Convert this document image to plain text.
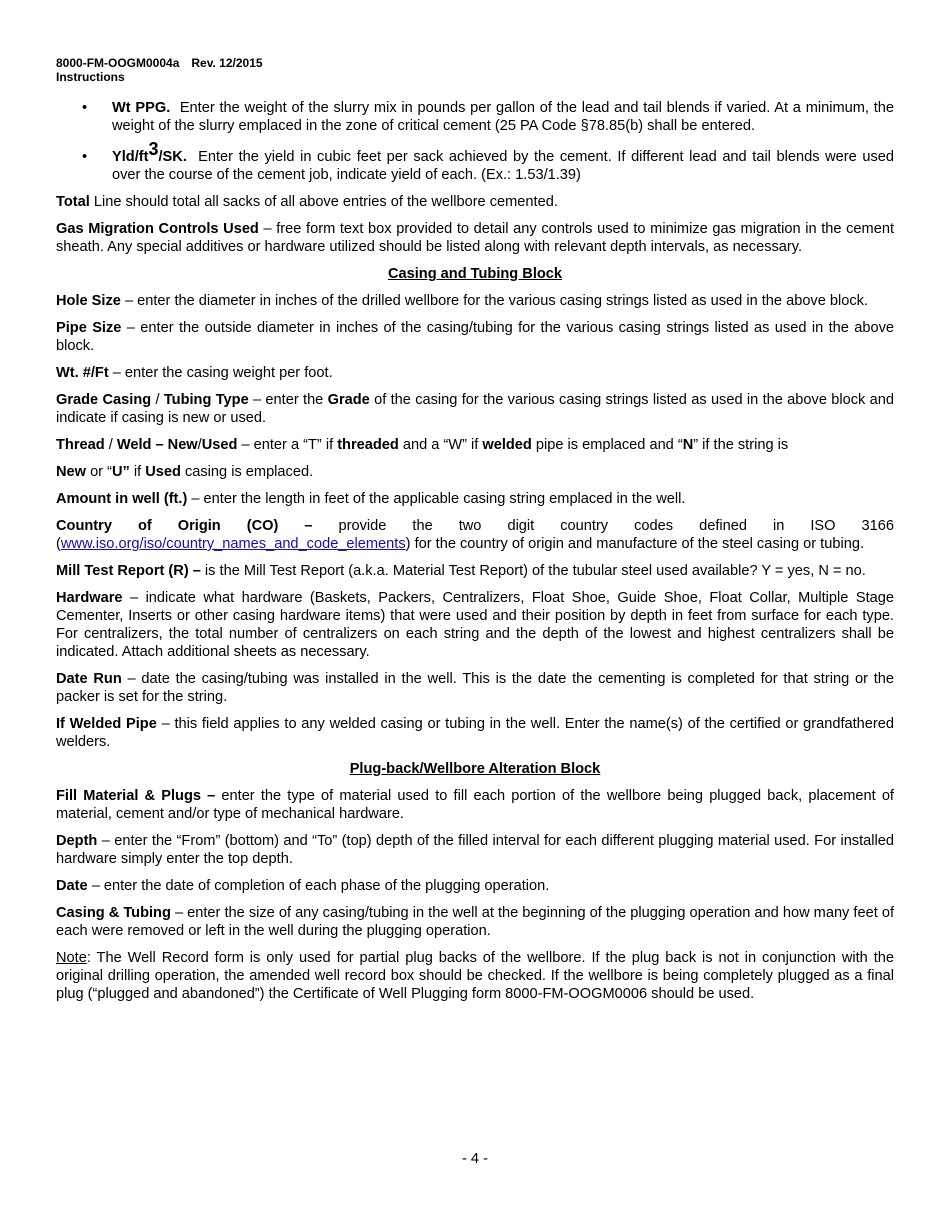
8000-FM-OOGM0004a Rev. 12/2015
Instructions
• Wt PPG. Enter the weight of the slurry mix in pounds per gallon of the lead and tail blends if varied. At a minimum, the weight of the slurry emplaced in the zone of critical cement (25 PA Code §78.85(b) shall be entered.
• Yld/$ft^3/SK$. Enter the yield in cubic feet per sack achieved by the cement. If different lead and tail blends were used over the course of the cement job, indicate yield of each. (Ex.: 1.53/1.39)

Total Line should total all sacks of all above entries of the wellbore cemented.

Gas Migration Controls Used – free form text box provided to detail any controls used to minimize gas migration in the cement sheath. Any special additives or hardware utilized should be listed along with relevant depth intervals, as necessary.

Casing and Tubing Block

Hole Size – enter the diameter in inches of the drilled wellbore for the various casing strings listed as used in the above block.

Pipe Size – enter the outside diameter in inches of the casing/tubing for the various casing strings listed as used in the above block.

Wt. #/Ft – enter the casing weight per foot.

Grade Casing / Tubing Type – enter the Grade of the casing for the various casing strings listed as used in the above block and indicate if casing is new or used.

Thread / Weld – New/Used – enter a “T” if threaded and a “W” if welded pipe is emplaced and “N” if the string is

New or “U” if Used casing is emplaced.

Amount in well (ft.) – enter the length in feet of the applicable casing string emplaced in the well.

Country of Origin (CO) – provide the two digit country codes defined in ISO 3166 (www.iso.org/iso/country_names_and_code_elements) for the country of origin and manufacture of the steel casing or tubing.

Mill Test Report (R) – is the Mill Test Report (a.k.a. Material Test Report) of the tubular steel used available? Y = yes, N = no.

Hardware – indicate what hardware (Baskets, Packers, Centralizers, Float Shoe, Guide Shoe, Float Collar, Multiple Stage Cementer, Inserts or other casing hardware items) that were used and their position by depth in feet from surface for each type. For centralizers, the total number of centralizers on each string and the depth of the lowest and highest centralizers shall be indicated. Attach additional sheets as necessary.

Date Run – date the casing/tubing was installed in the well. This is the date the cementing is completed for that string or the packer is set for the string.

If Welded Pipe – this field applies to any welded casing or tubing in the well. Enter the name(s) of the certified or grandfathered welders.

Plug-back/Wellbore Alteration Block

Fill Material & Plugs – enter the type of material used to fill each portion of the wellbore being plugged back, placement of material, cement and/or type of mechanical hardware.

Depth – enter the “From” (bottom) and “To” (top) depth of the filled interval for each different plugging material used. For installed hardware simply enter the top depth.

Date – enter the date of completion of each phase of the plugging operation.

Casing & Tubing – enter the size of any casing/tubing in the well at the beginning of the plugging operation and how many feet of each were removed or left in the well during the plugging operation.

Note: The Well Record form is only used for partial plug backs of the wellbore. If the plug back is not in conjunction with the original drilling operation, the amended well record box should be checked. If the wellbore is being completely plugged as a final plug (“plugged and abandoned”) the Certificate of Well Plugging form 8000-FM-OOGM0006 should be used.

- 4 -
